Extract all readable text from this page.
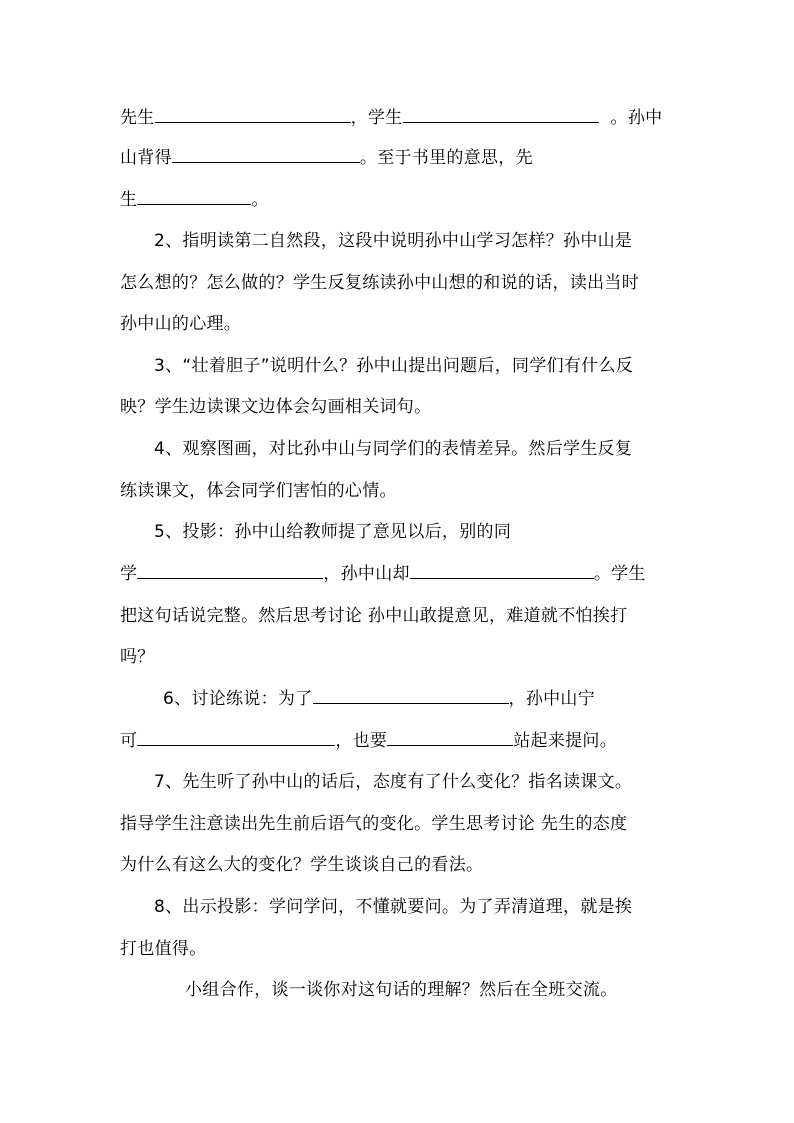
先生	，学生	。孙中
山背得	。至于书里的意思，先
生	。
2、指明读第二自然段，这段中说明孙中山学习怎样？孙中山是
怎么想的？怎么做的？学生反复练读孙中山想的和说的话，读出当时
孙中山的心理。
3、“壮着胆子”说明什么？孙中山提出问题后，同学们有什么反
映？学生边读课文边体会勾画相关词句。
4、观察图画，对比孙中山与同学们的表情差异。然后学生反复
练读课文，体会同学们害怕的心情。
5、投影：孙中山给教师提了意见以后，别的同
学	，孙中山却	。学生
把这句话说完整。然后思考讨论 孙中山敢提意见，难道就不怕挨打
吗？
6、讨论练说：为了	，孙中山宁
可	，也要	站起来提问。
7、先生听了孙中山的话后，态度有了什么变化？指名读课文。
指导学生注意读出先生前后语气的变化。学生思考讨论 先生的态度
为什么有这么大的变化？学生谈谈自己的看法。
8、出示投影：学问学问，不懂就要问。为了弄清道理，就是挨
打也值得。
小组合作，谈一谈你对这句话的理解？然后在全班交流。
